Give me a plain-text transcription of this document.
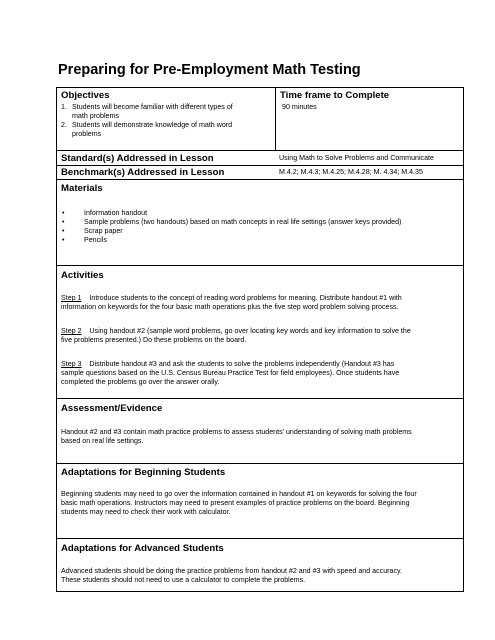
Preparing for Pre-Employment Math Testing
Objectives
1. Students will become familiar with different types of
math problems
2. Students will demonstrate knowledge of math word
problems
Time frame to Complete
90 minutes
Standard(s) Addressed in Lesson	Using Math to Solve Problems and Communicate
Benchmark(s) Addressed in Lesson	M.4.2; M.4.3; M.4.25; M.4.28; M. 4.34; M.4.35
Materials
• Information handout
• Sample problems (two handouts) based on math concepts in real life settings (answer keys provided)
• Scrap paper
• Pencils
Activities

Step 1 Introduce students to the concept of reading word problems for meaning. Distribute handout #1 with

information on keywords for the four basic math operations plus the five step word problem solving process.

Step 2 Using handout #2 (sample word problems, go over locating key words and key information to solve the

five problems presented.) Do these problems on the board.

Step 3 Distribute handout #3 and ask the students to solve the problems independently (Handout #3 has

sample questions based on the U.S. Census Bureau Practice Test for field employees). Once students have

completed the problems go over the answer orally.

Assessment/Evidence

Handout #2 and #3 contain math practice problems to assess students' understanding of solving math problems

based on real life settings.

Adaptations for Beginning Students

Beginning students may need to go over the information contained in handout #1 on keywords for solving the four

basic math operations. Instructors may need to present examples of practice problems on the board. Beginning

students may need to check their work with calculator.

Adaptations for Advanced Students

Advanced students should be doing the practice problems from handout #2 and #3 with speed and accuracy.

These students should not need to use a calculator to complete the problems.
